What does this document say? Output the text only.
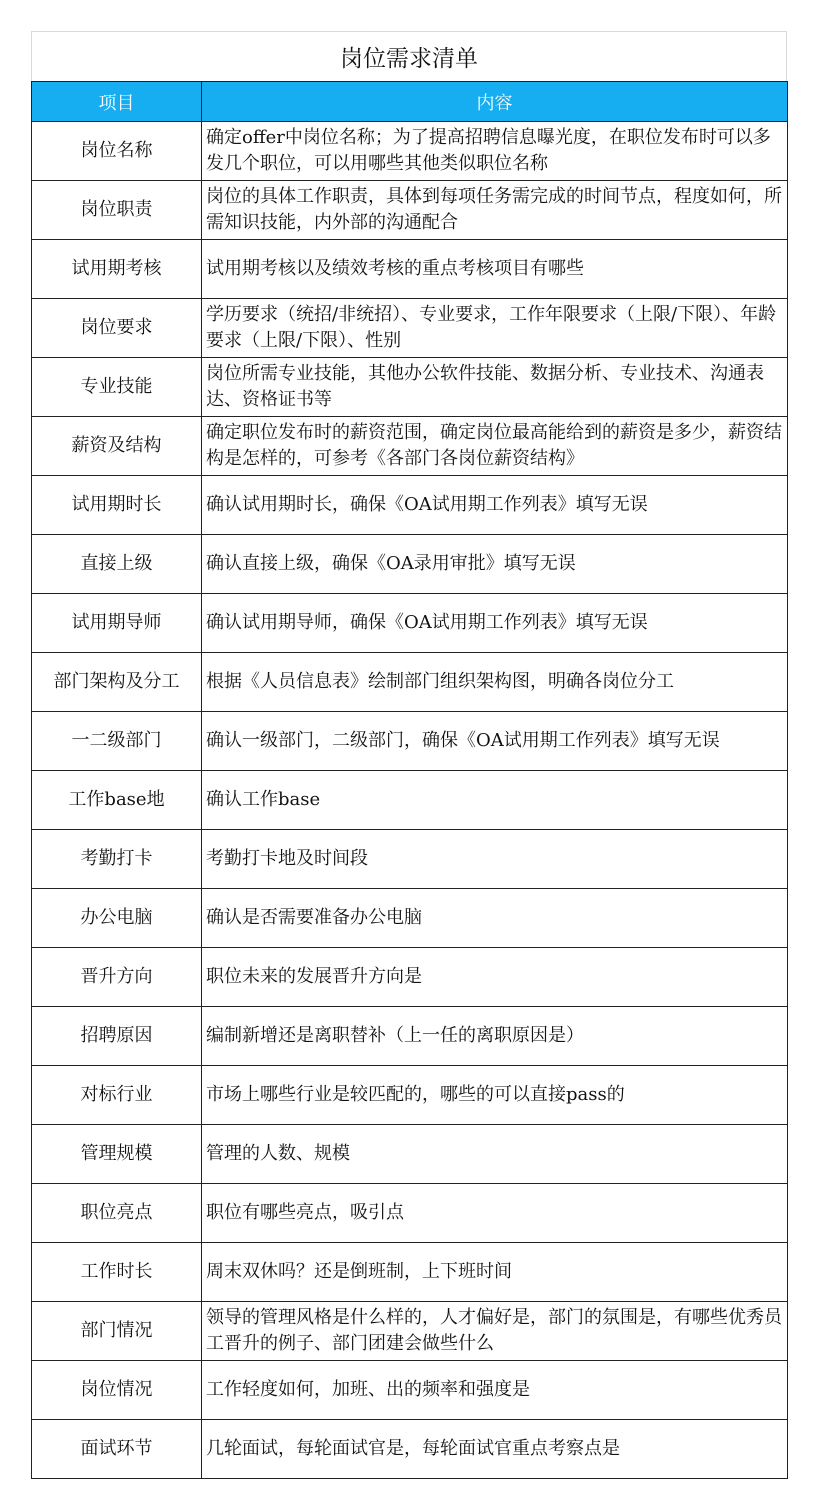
岗位需求清单
项目	内容
岗位名称	确定offer中岗位名称；为了提高招聘信息曝光度，在职位发布时可以多发几个职位，可以用哪些其他类似职位名称
岗位职责	岗位的具体工作职责，具体到每项任务需完成的时间节点，程度如何，所需知识技能，内外部的沟通配合
试用期考核	试用期考核以及绩效考核的重点考核项目有哪些
岗位要求	学历要求（统招/非统招）、专业要求，工作年限要求（上限/下限）、年龄要求（上限/下限）、性别
专业技能	岗位所需专业技能，其他办公软件技能、数据分析、专业技术、沟通表达、资格证书等
薪资及结构	确定职位发布时的薪资范围，确定岗位最高能给到的薪资是多少，薪资结构是怎样的，可参考《各部门各岗位薪资结构》
试用期时长	确认试用期时长，确保《OA试用期工作列表》填写无误
直接上级	确认直接上级，确保《OA录用审批》填写无误
试用期导师	确认试用期导师，确保《OA试用期工作列表》填写无误
部门架构及分工	根据《人员信息表》绘制部门组织架构图，明确各岗位分工
一二级部门	确认一级部门，二级部门，确保《OA试用期工作列表》填写无误
工作base地	确认工作base
考勤打卡	考勤打卡地及时间段
办公电脑	确认是否需要准备办公电脑
晋升方向	职位未来的发展晋升方向是
招聘原因	编制新增还是离职替补（上一任的离职原因是）
对标行业	市场上哪些行业是较匹配的，哪些的可以直接pass的
管理规模	管理的人数、规模
职位亮点	职位有哪些亮点，吸引点
工作时长	周末双休吗？还是倒班制，上下班时间
部门情况	领导的管理风格是什么样的，人才偏好是，部门的氛围是，有哪些优秀员工晋升的例子、部门团建会做些什么
岗位情况	工作轻度如何，加班、出的频率和强度是
面试环节	几轮面试，每轮面试官是，每轮面试官重点考察点是
